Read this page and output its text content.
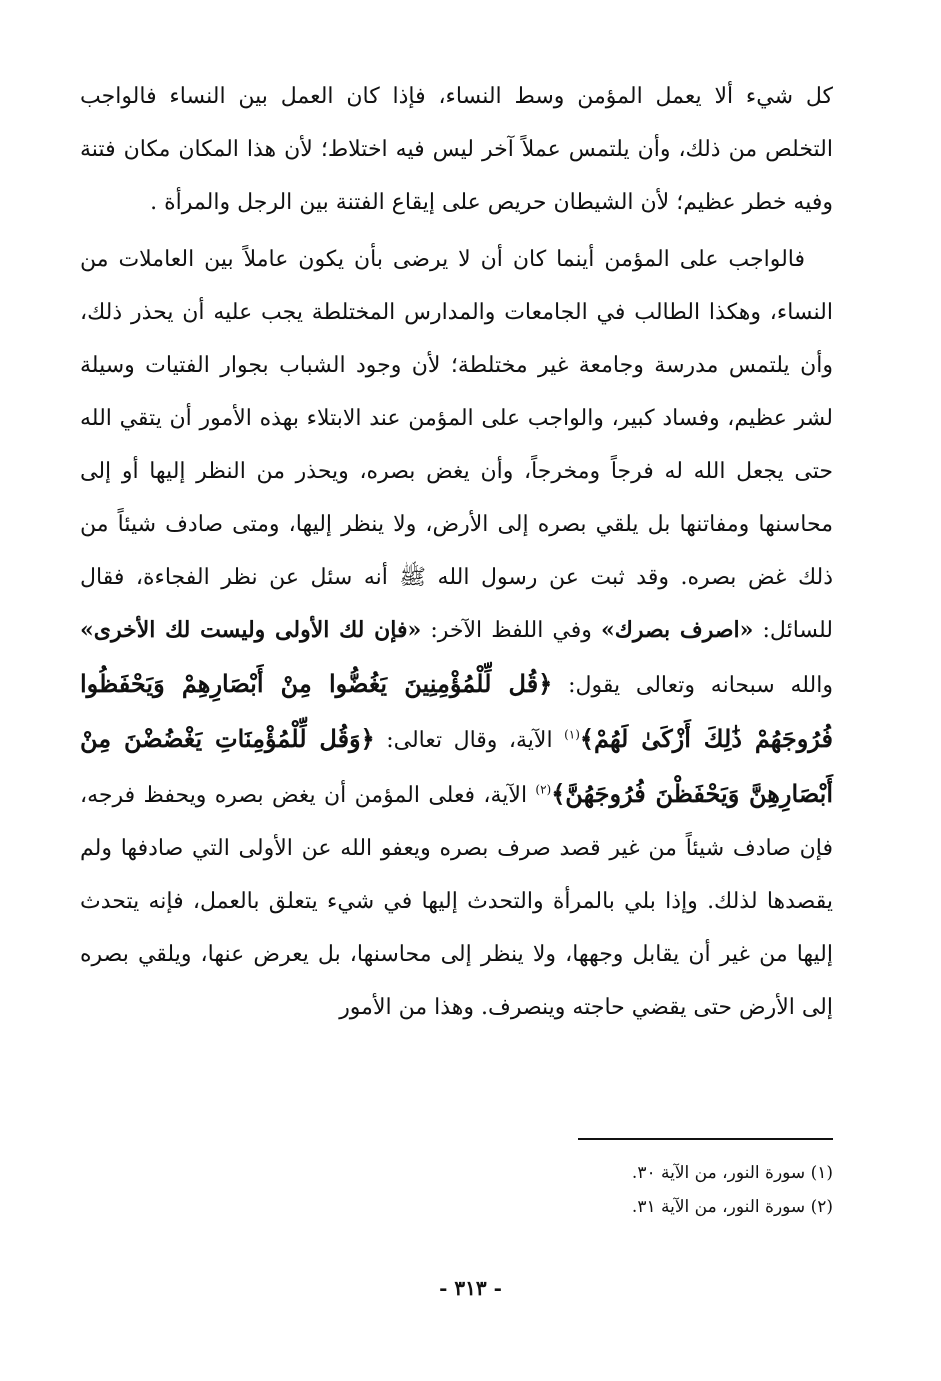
كل شيء ألا يعمل المؤمن وسط النساء، فإذا كان العمل بين النساء فالواجب التخلص من ذلك، وأن يلتمس عملاً آخر ليس فيه اختلاط؛ لأن هذا المكان مكان فتنة وفيه خطر عظيم؛ لأن الشيطان حريص على إيقاع الفتنة بين الرجل والمرأة .

فالواجب على المؤمن أينما كان أن لا يرضى بأن يكون عاملاً بين العاملات من النساء، وهكذا الطالب في الجامعات والمدارس المختلطة يجب عليه أن يحذر ذلك، وأن يلتمس مدرسة وجامعة غير مختلطة؛ لأن وجود الشباب بجوار الفتيات وسيلة لشر عظيم، وفساد كبير، والواجب على المؤمن عند الابتلاء بهذه الأمور أن يتقي الله حتى يجعل الله له فرجاً ومخرجاً، وأن يغض بصره، ويحذر من النظر إليها أو إلى محاسنها ومفاتنها بل يلقي بصره إلى الأرض، ولا ينظر إليها، ومتى صادف شيئاً من ذلك غض بصره. وقد ثبت عن رسول الله ﷺ أنه سئل عن نظر الفجاءة، فقال للسائل: «اصرف بصرك» وفي اللفظ الآخر: «فإن لك الأولى وليست لك الأخرى» والله سبحانه وتعالى يقول: ﴿قُل لِّلْمُؤْمِنِينَ يَغُضُّوا مِنْ أَبْصَارِهِمْ وَيَحْفَظُوا فُرُوجَهُمْ ذَٰلِكَ أَزْكَىٰ لَهُمْ﴾$^{(١)}$ الآية، وقال تعالى: ﴿وَقُل لِّلْمُؤْمِنَاتِ يَغْضُضْنَ مِنْ أَبْصَارِهِنَّ وَيَحْفَظْنَ فُرُوجَهُنَّ﴾$^{(٢)}$ الآية، فعلى المؤمن أن يغض بصره ويحفظ فرجه، فإن صادف شيئاً من غير قصد صرف بصره ويعفو الله عن الأولى التي صادفها ولم يقصدها لذلك. وإذا بلي بالمرأة والتحدث إليها في شيء يتعلق بالعمل، فإنه يتحدث إليها من غير أن يقابل وجهها، ولا ينظر إلى محاسنها، بل يعرض عنها، ويلقي بصره إلى الأرض حتى يقضي حاجته وينصرف. وهذا من الأمور

(١) سورة النور، من الآية ٣٠.

(٢) سورة النور، من الآية ٣١.

- ٣١٣ -
